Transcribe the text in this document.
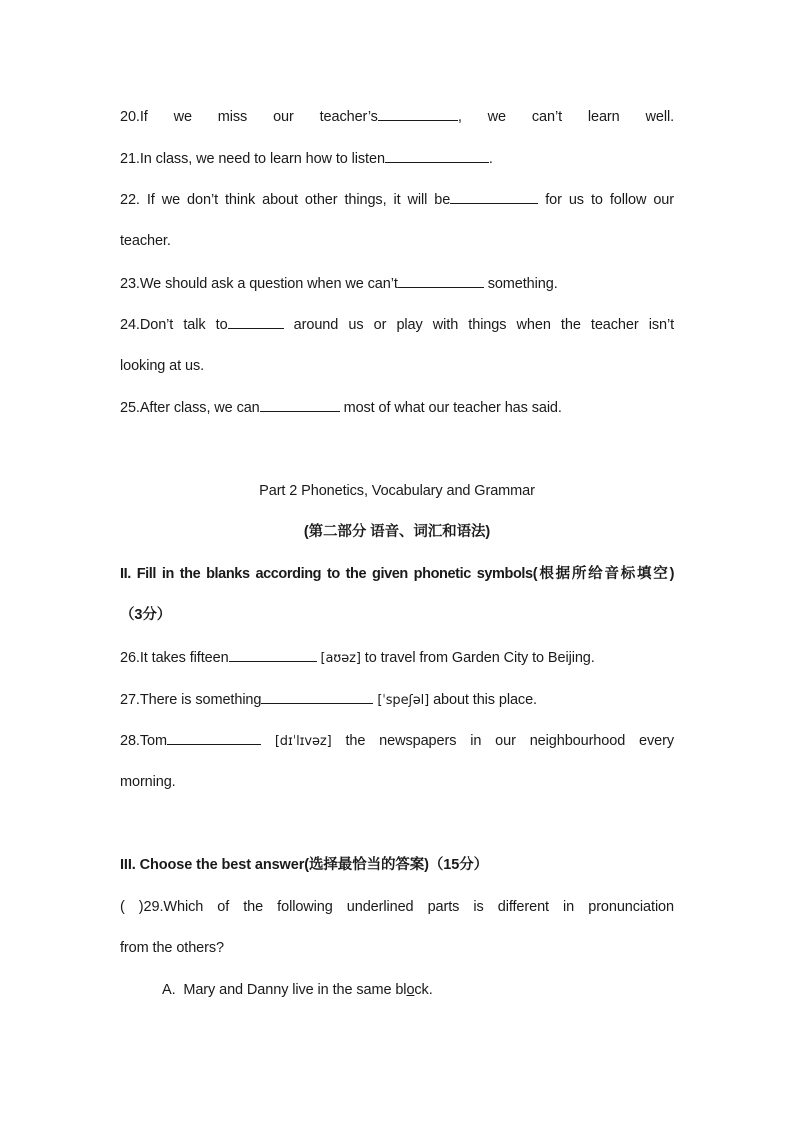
20.If we miss our teacher’s	, we can’t learn well.
21.In class, we need to learn how to listen	.
22. If we don’t think about other things, it will be	for us to follow our
teacher.
23.We should ask a question when we can’t	something.
24.Don’t talk to	around us or play with things when the teacher isn’t
looking at us.
25.After class, we can	most of what our teacher has said.
Part 2 Phonetics, Vocabulary and Grammar
(第二部分 语音、词汇和语法)
II. Fill in the blanks according to the given phonetic symbols(根据所给音标填空)
（3分）
26.It takes fifteen	[aʊəz] to travel from Garden City to Beijing.
27.There is something	[ˈspeʃəl] about this place.
28.Tom	[dɪˈlɪvəz] the newspapers in our neighbourhood every
morning.
III. Choose the best answer(选择最恰当的答案)（15分）
( )29.Which of the following underlined parts is different in pronunciation
from the others?
A. Mary and Danny live in the same block.
